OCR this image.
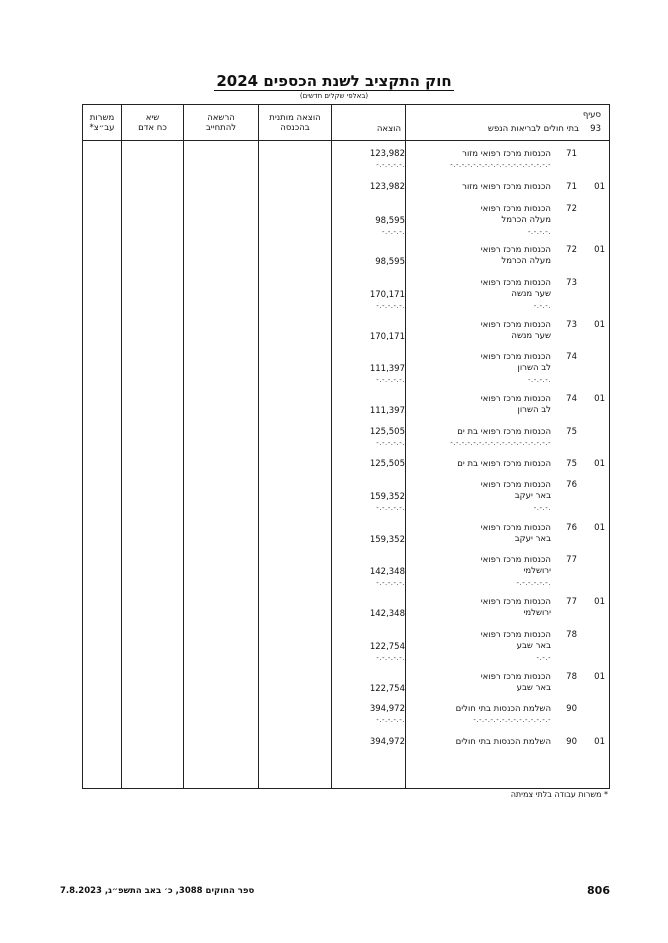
חוק התקציב לשנת הכספים 2024
(באלפי שקלים חדשים)
סעיף
93
בתי חולים לבריאות הנפש
הוצאה
הוצאה מותנית
בהכנסה
הרשאה
להתחייב
שיא
כח אדם
משרות
עב״צ*
71
הכנסות מרכז רפואי מזור
-.-.-.-.-.-.-.-.-.-.-.-.-.-.-.-.-.-
123,982
-.-.-.-.-.
71 01
הכנסות מרכז רפואי מזור
123,982
72
הכנסות מרכז רפואי מעלה הכרמל
-.-.-.-.
98,595
-.-.-.-.
72 01
הכנסות מרכז רפואי מעלה הכרמל
98,595
73
הכנסות מרכז רפואי שער מנשה
-.-.-.
170,171
-.-.-.-.-.
73 01
הכנסות מרכז רפואי שער מנשה
170,171
74
הכנסות מרכז רפואי לב השרון
-.-.-.-.
111,397
-.-.-.-.-.
74 01
הכנסות מרכז רפואי לב השרון
111,397
75
הכנסות מרכז רפואי בת ים
-.-.-.-.-.-.-.-.-.-.-.-.-.-.-.-.-.-
125,505
-.-.-.-.-.
75 01
הכנסות מרכז רפואי בת ים
125,505
76
הכנסות מרכז רפואי באר יעקב
-.-.-.
159,352
-.-.-.-.-.
76 01
הכנסות מרכז רפואי באר יעקב
159,352
77
הכנסות מרכז רפואי ירושלמי
-.-.-.-.-.-.
142,348
-.-.-.-.-.
77 01
הכנסות מרכז רפואי ירושלמי
142,348
78
הכנסות מרכז רפואי באר שבע
-.-.-
122,754
-.-.-.-.-.
78 01
הכנסות מרכז רפואי באר שבע
122,754
90
השלמת הכנסות בתי חולים
-.-.-.-.-.-.-.-.-.-.-.-.-.-
394,972
-.-.-.-.-.
90 01
השלמת הכנסות בתי חולים
394,972
* משרות עבודה בלתי צמיתה
806
ספר החוקים 3088, כ׳ באב התשפ״ג, 7.8.2023
